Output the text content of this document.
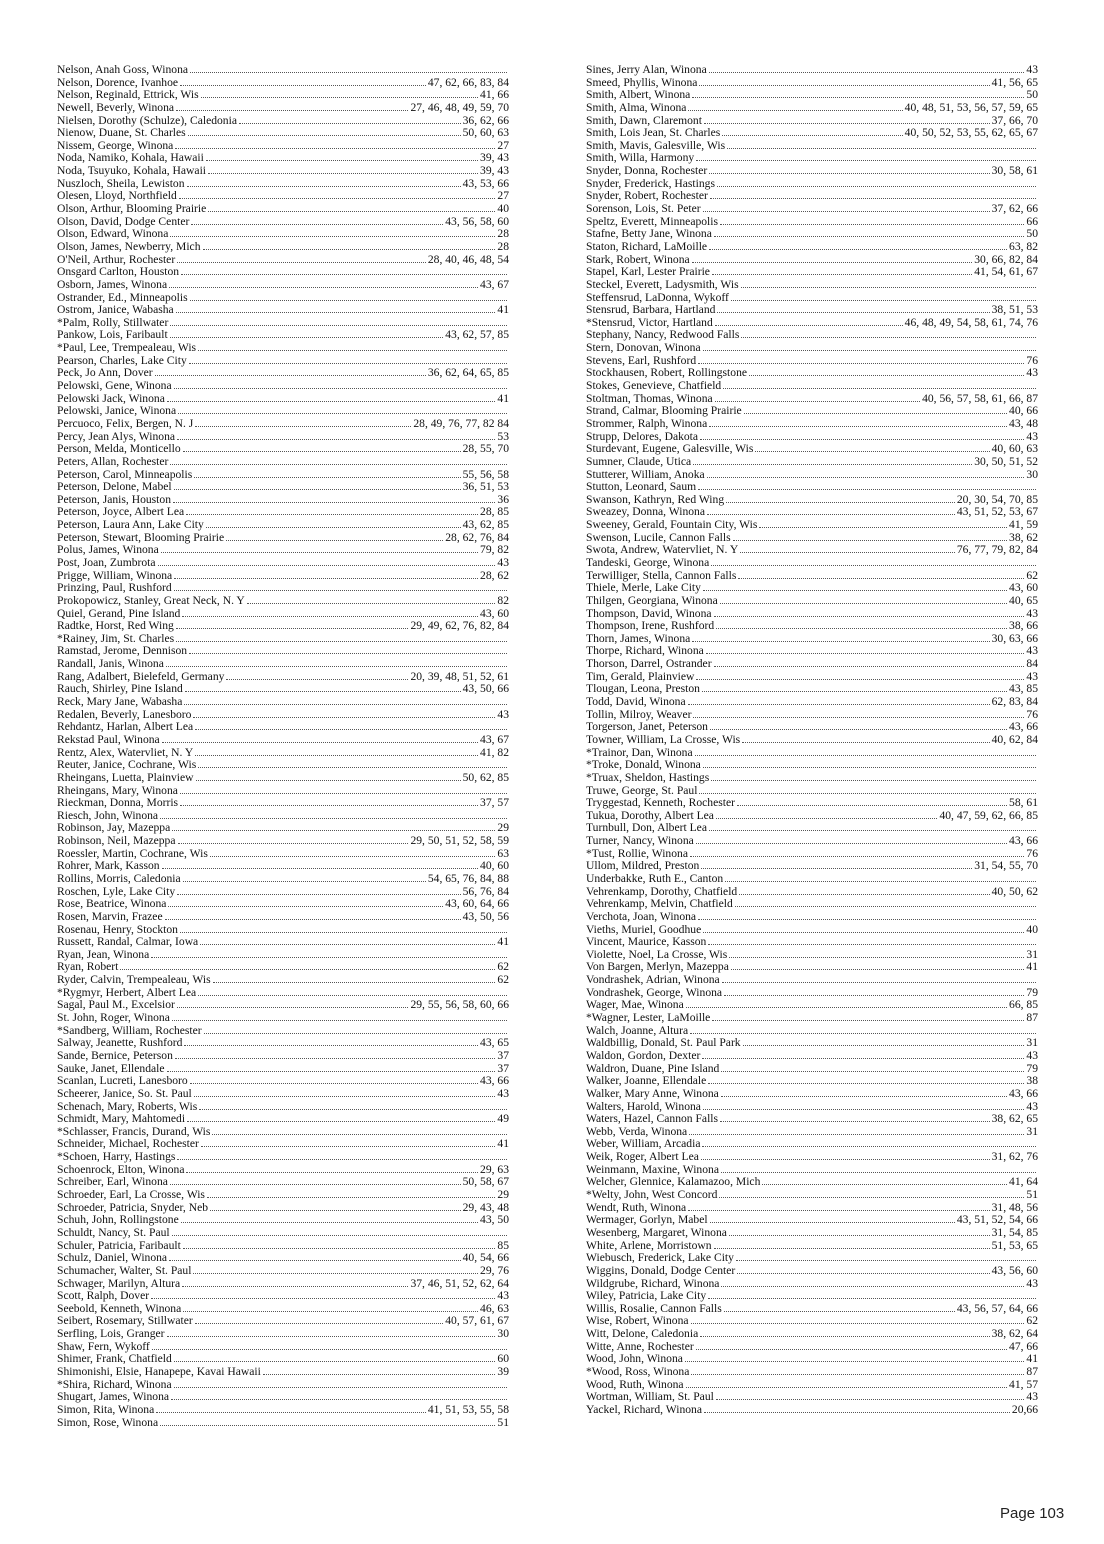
Nelson, Anah Goss, Winona
Nelson, Dorence, Ivanhoe	47, 62, 66, 83, 84
Nelson, Reginald, Ettrick, Wis	41, 66
Newell, Beverly, Winona	27, 46, 48, 49, 59, 70
Nielsen, Dorothy (Schulze), Caledonia	36, 62, 66
Nienow, Duane, St. Charles	50, 60, 63
Nissem, George, Winona	27
Noda, Namiko, Kohala, Hawaii	39, 43
Noda, Tsuyuko, Kohala, Hawaii	39, 43
Nuszloch, Sheila, Lewiston	43, 53, 66
Olesen, Lloyd, Northfield	27
Olson, Arthur, Blooming Prairie	40
Olson, David, Dodge Center	43, 56, 58, 60
Olson, Edward, Winona	28
Olson, James, Newberry, Mich	28
O'Neil, Arthur, Rochester	28, 40, 46, 48, 54
Onsgard Carlton, Houston
Osborn, James, Winona	43, 67
Ostrander, Ed., Minneapolis
Ostrom, Janice, Wabasha	41
*Palm, Rolly, Stillwater
Pankow, Lois, Faribault	43, 62, 57, 85
*Paul, Lee, Trempealeau, Wis
Pearson, Charles, Lake City
Peck, Jo Ann, Dover	36, 62, 64, 65, 85
Pelowski, Gene, Winona
Pelowski Jack, Winona	41
Pelowski, Janice, Winona
Percuoco, Felix, Bergen, N. J	28, 49, 76, 77, 82 84
Percy, Jean Alys, Winona	53
Person, Melda, Monticello	28, 55, 70
Peters, Allan, Rochester
Peterson, Carol, Minneapolis	55, 56, 58
Peterson, Delone, Mabel	36, 51, 53
Peterson, Janis, Houston	36
Peterson, Joyce, Albert Lea	28, 85
Peterson, Laura Ann, Lake City	43, 62, 85
Peterson, Stewart, Blooming Prairie	28, 62, 76, 84
Polus, James, Winona	79, 82
Post, Joan, Zumbrota	43
Prigge, William, Winona	28, 62
Prinzing, Paul, Rushford
Prokopowicz, Stanley, Great Neck, N. Y	82
Quiel, Gerand, Pine Island	43, 60
Radtke, Horst, Red Wing	29, 49, 62, 76, 82, 84
*Rainey, Jim, St. Charles
Ramstad, Jerome, Dennison
Randall, Janis, Winona
Rang, Adalbert, Bielefeld, Germany	20, 39, 48, 51, 52, 61
Rauch, Shirley, Pine Island	43, 50, 66
Reck, Mary Jane, Wabasha
Redalen, Beverly, Lanesboro	43
Rehdantz, Harlan, Albert Lea
Rekstad Paul, Winona	43, 67
Rentz, Alex, Watervliet, N. Y	41, 82
Reuter, Janice, Cochrane, Wis
Rheingans, Luetta, Plainview	50, 62, 85
Rheingans, Mary, Winona
Rieckman, Donna, Morris	37, 57
Riesch, John, Winona
Robinson, Jay, Mazeppa	29
Robinson, Neil, Mazeppa	29, 50, 51, 52, 58, 59
Roessler, Martin, Cochrane, Wis	63
Rohrer, Mark, Kasson	40, 60
Rollins, Morris, Caledonia	54, 65, 76, 84, 88
Roschen, Lyle, Lake City	56, 76, 84
Rose, Beatrice, Winona	43, 60, 64, 66
Rosen, Marvin, Frazee	43, 50, 56
Rosenau, Henry, Stockton
Russett, Randal, Calmar, Iowa	41
Ryan, Jean, Winona
Ryan, Robert	62
Ryder, Calvin, Trempealeau, Wis	62
*Rygmyr, Herbert, Albert Lea
Sagal, Paul M., Excelsior	29, 55, 56, 58, 60, 66
St. John, Roger, Winona
*Sandberg, William, Rochester
Salway, Jeanette, Rushford	43, 65
Sande, Bernice, Peterson	37
Sauke, Janet, Ellendale	37
Scanlan, Lucreti, Lanesboro	43, 66
Scheerer, Janice, So. St. Paul	43
Schenach, Mary, Roberts, Wis
Schmidt, Mary, Mahtomedi	49
*Schlasser, Francis, Durand, Wis
Schneider, Michael, Rochester	41
*Schoen, Harry, Hastings
Schoenrock, Elton, Winona	29, 63
Schreiber, Earl, Winona	50, 58, 67
Schroeder, Earl, La Crosse, Wis	29
Schroeder, Patricia, Snyder, Neb	29, 43, 48
Schuh, John, Rollingstone	43, 50
Schuldt, Nancy, St. Paul
Schuler, Patricia, Faribault	85
Schulz, Daniel, Winona	40, 54, 66
Schumacher, Walter, St. Paul	29, 76
Schwager, Marilyn, Altura	37, 46, 51, 52, 62, 64
Scott, Ralph, Dover	43
Seebold, Kenneth, Winona	46, 63
Seibert, Rosemary, Stillwater	40, 57, 61, 67
Serfling, Lois, Granger	30
Shaw, Fern, Wykoff
Shimer, Frank, Chatfield	60
Shimonishi, Elsie, Hanapepe, Kavai Hawaii	39
*Shira, Richard, Winona
Shugart, James, Winona
Simon, Rita, Winona	41, 51, 53, 55, 58
Simon, Rose, Winona	51
Sines, Jerry Alan, Winona	43
Smeed, Phyllis, Winona	41, 56, 65
Smith, Albert, Winona	50
Smith, Alma, Winona	40, 48, 51, 53, 56, 57, 59, 65
Smith, Dawn, Claremont	37, 66, 70
Smith, Lois Jean, St. Charles	40, 50, 52, 53, 55, 62, 65, 67
Smith, Mavis, Galesville, Wis
Smith, Willa, Harmony
Snyder, Donna, Rochester	30, 58, 61
Snyder, Frederick, Hastings
Snyder, Robert, Rochester
Sorenson, Lois, St. Peter	37, 62, 66
Speltz, Everett, Minneapolis	66
Stafne, Betty Jane, Winona	50
Staton, Richard, LaMoille	63, 82
Stark, Robert, Winona	30, 66, 82, 84
Stapel, Karl, Lester Prairie	41, 54, 61, 67
Steckel, Everett, Ladysmith, Wis
Steffensrud, LaDonna, Wykoff
Stensrud, Barbara, Hartland	38, 51, 53
*Stensrud, Victor, Hartland	46, 48, 49, 54, 58, 61, 74, 76
Stephany, Nancy, Redwood Falls
Stern, Donovan, Winona
Stevens, Earl, Rushford	76
Stockhausen, Robert, Rollingstone	43
Stokes, Genevieve, Chatfield
Stoltman, Thomas, Winona	40, 56, 57, 58, 61, 66, 87
Strand, Calmar, Blooming Prairie	40, 66
Strommer, Ralph, Winona	43, 48
Strupp, Delores, Dakota	43
Sturdevant, Eugene, Galesville, Wis	40, 60, 63
Sumner, Claude, Utica	30, 50, 51, 52
Stutterer, William, Anoka	30
Stutton, Leonard, Saum
Swanson, Kathryn, Red Wing	20, 30, 54, 70, 85
Sweazey, Donna, Winona	43, 51, 52, 53, 67
Sweeney, Gerald, Fountain City, Wis	41, 59
Swenson, Lucile, Cannon Falls	38, 62
Swota, Andrew, Watervliet, N. Y	76, 77, 79, 82, 84
Tandeski, George, Winona
Terwilliger, Stella, Cannon Falls	62
Thiele, Merle, Lake City	43, 60
Thilgen, Georgiana, Winona	40, 65
Thompson, David, Winona	43
Thompson, Irene, Rushford	38, 66
Thorn, James, Winona	30, 63, 66
Thorpe, Richard, Winona	43
Thorson, Darrel, Ostrander	84
Tim, Gerald, Plainview	43
Tlougan, Leona, Preston	43, 85
Todd, David, Winona	62, 83, 84
Tollin, Milroy, Weaver	76
Torgerson, Janet, Peterson	43, 66
Towner, William, La Crosse, Wis	40, 62, 84
*Trainor, Dan, Winona
*Troke, Donald, Winona
*Truax, Sheldon, Hastings
Truwe, George, St. Paul
Tryggestad, Kenneth, Rochester	58, 61
Tukua, Dorothy, Albert Lea	40, 47, 59, 62, 66, 85
Turnbull, Don, Albert Lea
Turner, Nancy, Winona	43, 66
*Tust, Rollie, Winona	76
Ullom, Mildred, Preston	31, 54, 55, 70
Underbakke, Ruth E., Canton
Vehrenkamp, Dorothy, Chatfield	40, 50, 62
Vehrenkamp, Melvin, Chatfield
Verchota, Joan, Winona
Vieths, Muriel, Goodhue	40
Vincent, Maurice, Kasson
Violette, Noel, La Crosse, Wis	31
Von Bargen, Merlyn, Mazeppa	41
Vondrashek, Adrian, Winona
Vondrashek, George, Winona	79
Wager, Mae, Winona	66, 85
*Wagner, Lester, LaMoille	87
Walch, Joanne, Altura
Waldbillig, Donald, St. Paul Park	31
Waldon, Gordon, Dexter	43
Waldron, Duane, Pine Island	79
Walker, Joanne, Ellendale	38
Walker, Mary Anne, Winona	43, 66
Walters, Harold, Winona	43
Waters, Hazel, Cannon Falls	38, 62, 65
Webb, Verda, Winona	31
Weber, William, Arcadia
Weik, Roger, Albert Lea	31, 62, 76
Weinmann, Maxine, Winona
Welcher, Glennice, Kalamazoo, Mich	41, 64
*Welty, John, West Concord	51
Wendt, Ruth, Winona	31, 48, 56
Wermager, Gorlyn, Mabel	43, 51, 52, 54, 66
Wesenberg, Margaret, Winona	31, 54, 85
White, Arlene, Morristown	51, 53, 65
Wiebusch, Frederick, Lake City
Wiggins, Donald, Dodge Center	43, 56, 60
Wildgrube, Richard, Winona	43
Wiley, Patricia, Lake City
Willis, Rosalie, Cannon Falls	43, 56, 57, 64, 66
Wise, Robert, Winona	62
Witt, Delone, Caledonia	38, 62, 64
Witte, Anne, Rochester	47, 66
Wood, John, Winona	41
*Wood, Ross, Winona	87
Wood, Ruth, Winona	41, 57
Wortman, William, St. Paul	43
Yackel, Richard, Winona	20,66
Page 103
